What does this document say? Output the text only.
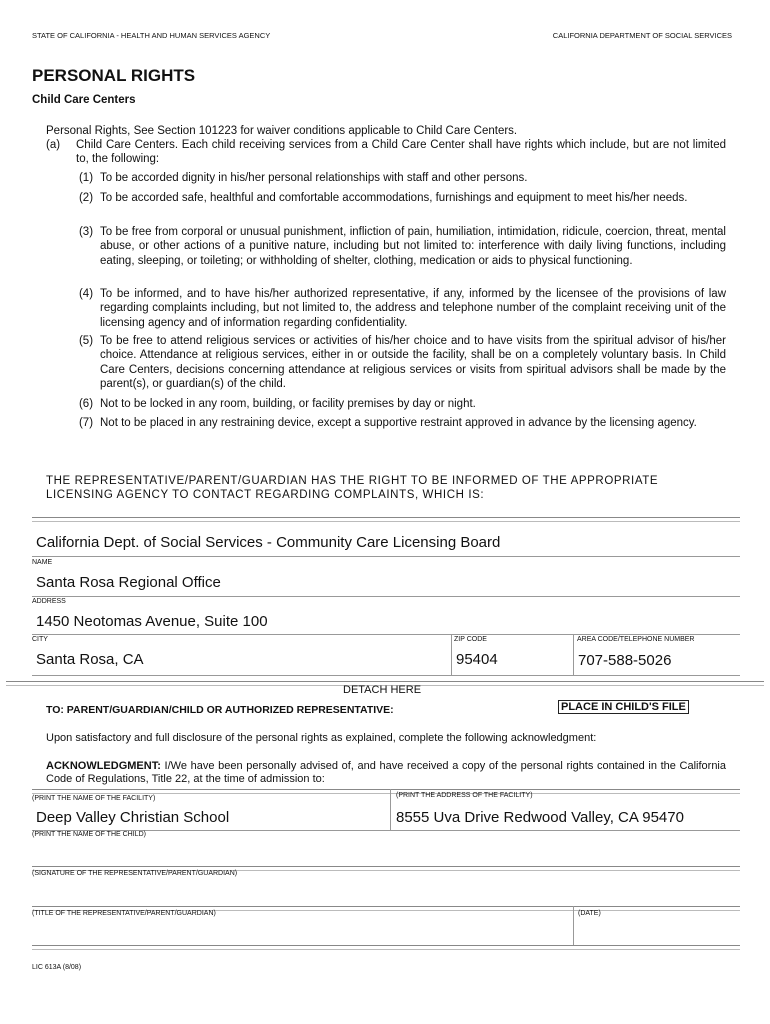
STATE OF CALIFORNIA - HEALTH AND HUMAN SERVICES AGENCY	CALIFORNIA DEPARTMENT OF SOCIAL SERVICES
PERSONAL RIGHTS
Child Care Centers
Personal Rights, See Section 101223 for waiver conditions applicable to Child Care Centers.
(a)	Child Care Centers. Each child receiving services from a Child Care Center shall have rights which include, but are not limited to, the following:
(1) To be accorded dignity in his/her personal relationships with staff and other persons.
(2) To be accorded safe, healthful and comfortable accommodations, furnishings and equipment to meet his/her needs.
(3) To be free from corporal or unusual punishment, infliction of pain, humiliation, intimidation, ridicule, coercion, threat, mental abuse, or other actions of a punitive nature, including but not limited to: interference with daily living functions, including eating, sleeping, or toileting; or withholding of shelter, clothing, medication or aids to physical functioning.
(4) To be informed, and to have his/her authorized representative, if any, informed by the licensee of the provisions of law regarding complaints including, but not limited to, the address and telephone number of the complaint receiving unit of the licensing agency and of information regarding confidentiality.
(5) To be free to attend religious services or activities of his/her choice and to have visits from the spiritual advisor of his/her choice. Attendance at religious services, either in or outside the facility, shall be on a completely voluntary basis. In Child Care Centers, decisions concerning attendance at religious services or visits from spiritual advisors shall be made by the parent(s), or guardian(s) of the child.
(6) Not to be locked in any room, building, or facility premises by day or night.
(7) Not to be placed in any restraining device, except a supportive restraint approved in advance by the licensing agency.
THE REPRESENTATIVE/PARENT/GUARDIAN HAS THE RIGHT TO BE INFORMED OF THE APPROPRIATE LICENSING AGENCY TO CONTACT REGARDING COMPLAINTS, WHICH IS:
California Dept. of Social Services - Community Care Licensing Board
NAME
Santa Rosa Regional Office
ADDRESS
1450 Neotomas Avenue, Suite 100
CITY	ZIP CODE	AREA CODE/TELEPHONE NUMBER
Santa Rosa, CA	95404	707-588-5026
DETACH HERE
TO: PARENT/GUARDIAN/CHILD OR AUTHORIZED REPRESENTATIVE:	PLACE IN CHILD'S FILE
Upon satisfactory and full disclosure of the personal rights as explained, complete the following acknowledgment:
ACKNOWLEDGMENT: I/We have been personally advised of, and have received a copy of the personal rights contained in the California Code of Regulations, Title 22, at the time of admission to:
(PRINT THE NAME OF THE FACILITY)	(PRINT THE ADDRESS OF THE FACILITY)
Deep Valley Christian School	8555 Uva Drive Redwood Valley, CA 95470
(PRINT THE NAME OF THE CHILD)
(SIGNATURE OF THE REPRESENTATIVE/PARENT/GUARDIAN)
(TITLE OF THE REPRESENTATIVE/PARENT/GUARDIAN)	(DATE)
LIC 613A (8/08)
